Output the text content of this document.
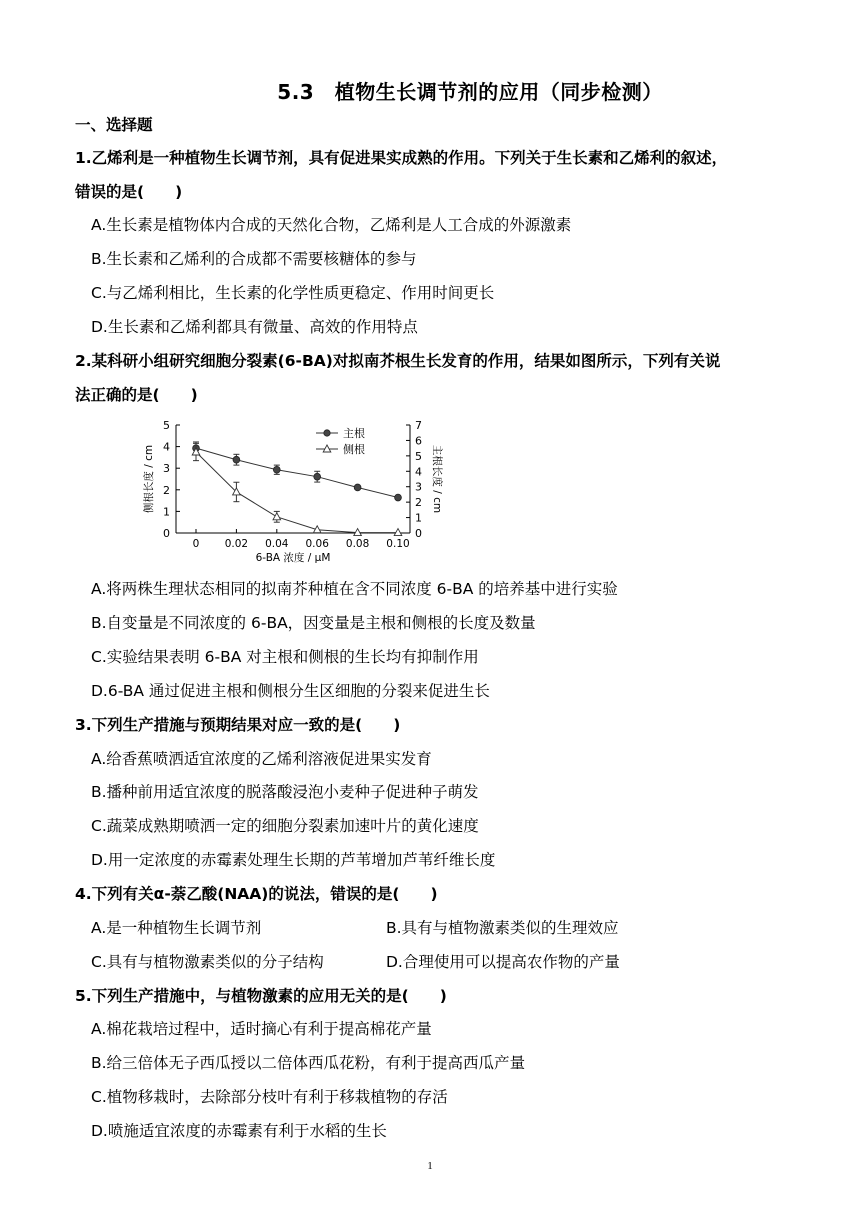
5.3　植物生长调节剂的应用（同步检测）
一、选择题
1.乙烯利是一种植物生长调节剂，具有促进果实成熟的作用。下列关于生长素和乙烯利的叙述，
错误的是(　　)
A.生长素是植物体内合成的天然化合物，乙烯利是人工合成的外源激素
B.生长素和乙烯利的合成都不需要核糖体的参与
C.与乙烯利相比，生长素的化学性质更稳定、作用时间更长
D.生长素和乙烯利都具有微量、高效的作用特点
2.某科研小组研究细胞分裂素(6-BA)对拟南芥根生长发育的作用，结果如图所示，下列有关说
法正确的是(　　)
0
1
2
3
4
5
0
1
2
3
4
5
6
7
0 0.02 0.04 0.06 0.08 0.10
6-BA 浓度 / μM
侧根长度 / cm	主根长度 / cm
主根
侧根
A.将两株生理状态相同的拟南芥种植在含不同浓度 6-BA 的培养基中进行实验
B.自变量是不同浓度的 6-BA，因变量是主根和侧根的长度及数量
C.实验结果表明 6-BA 对主根和侧根的生长均有抑制作用
D.6-BA 通过促进主根和侧根分生区细胞的分裂来促进生长
3.下列生产措施与预期结果对应一致的是(　　)
A.给香蕉喷洒适宜浓度的乙烯利溶液促进果实发育
B.播种前用适宜浓度的脱落酸浸泡小麦种子促进种子萌发
C.蔬菜成熟期喷洒一定的细胞分裂素加速叶片的黄化速度
D.用一定浓度的赤霉素处理生长期的芦苇增加芦苇纤维长度
4.下列有关α-萘乙酸(NAA)的说法，错误的是(　　)
A.是一种植物生长调节剂	B.具有与植物激素类似的生理效应
C.具有与植物激素类似的分子结构	D.合理使用可以提高农作物的产量
5.下列生产措施中，与植物激素的应用无关的是(　　)
A.棉花栽培过程中，适时摘心有利于提高棉花产量
B.给三倍体无子西瓜授以二倍体西瓜花粉，有利于提高西瓜产量
C.植物移栽时，去除部分枝叶有利于移栽植物的存活
D.喷施适宜浓度的赤霉素有利于水稻的生长
1
